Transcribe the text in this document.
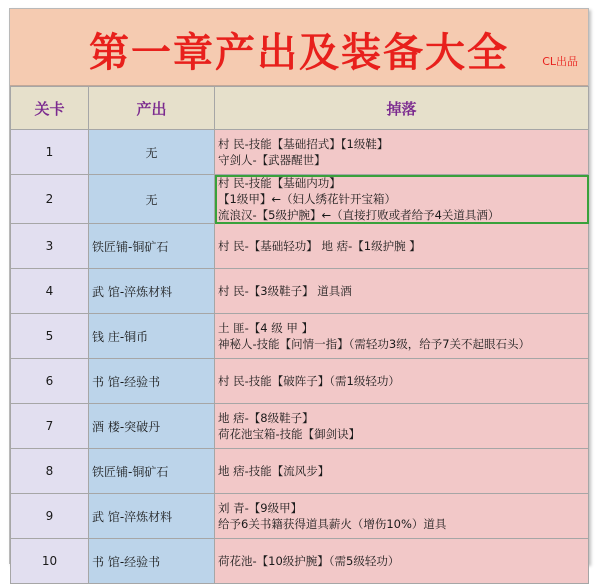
第一章产出及装备大全	CL出品
关卡	产出	掉落
1	无	村 民-技能【基础招式】【1级鞋】
守剑人-【武器醒世】

2	无	村 民-技能【基础内功】
【1级甲】←（妇人绣花针开宝箱）
流浪汉-【5级护腕】←（直接打败或者给予4关道具酒）

3	铁匠铺-铜矿石	村 民-【基础轻功】 地 痞-【1级护腕 】

4	武 馆-淬炼材料	村 民-【3级鞋子】 道具酒

5	钱 庄-铜币	土 匪-【4 级 甲 】
神秘人-技能【问情一指】（需轻功3级，给予7关不起眼石头）

6	书 馆-经验书	村 民-技能【破阵子】（需1级轻功）

7	酒 楼-突破丹	地 痞-【8级鞋子】
荷花池宝箱-技能【御剑诀】

8	铁匠铺-铜矿石	地 痞-技能【流风步】

9	武 馆-淬炼材料	刘 青-【9级甲】
给予6关书籍获得道具薪火（增伤10%）道具

10	书 馆-经验书	荷花池-【10级护腕】（需5级轻功）
